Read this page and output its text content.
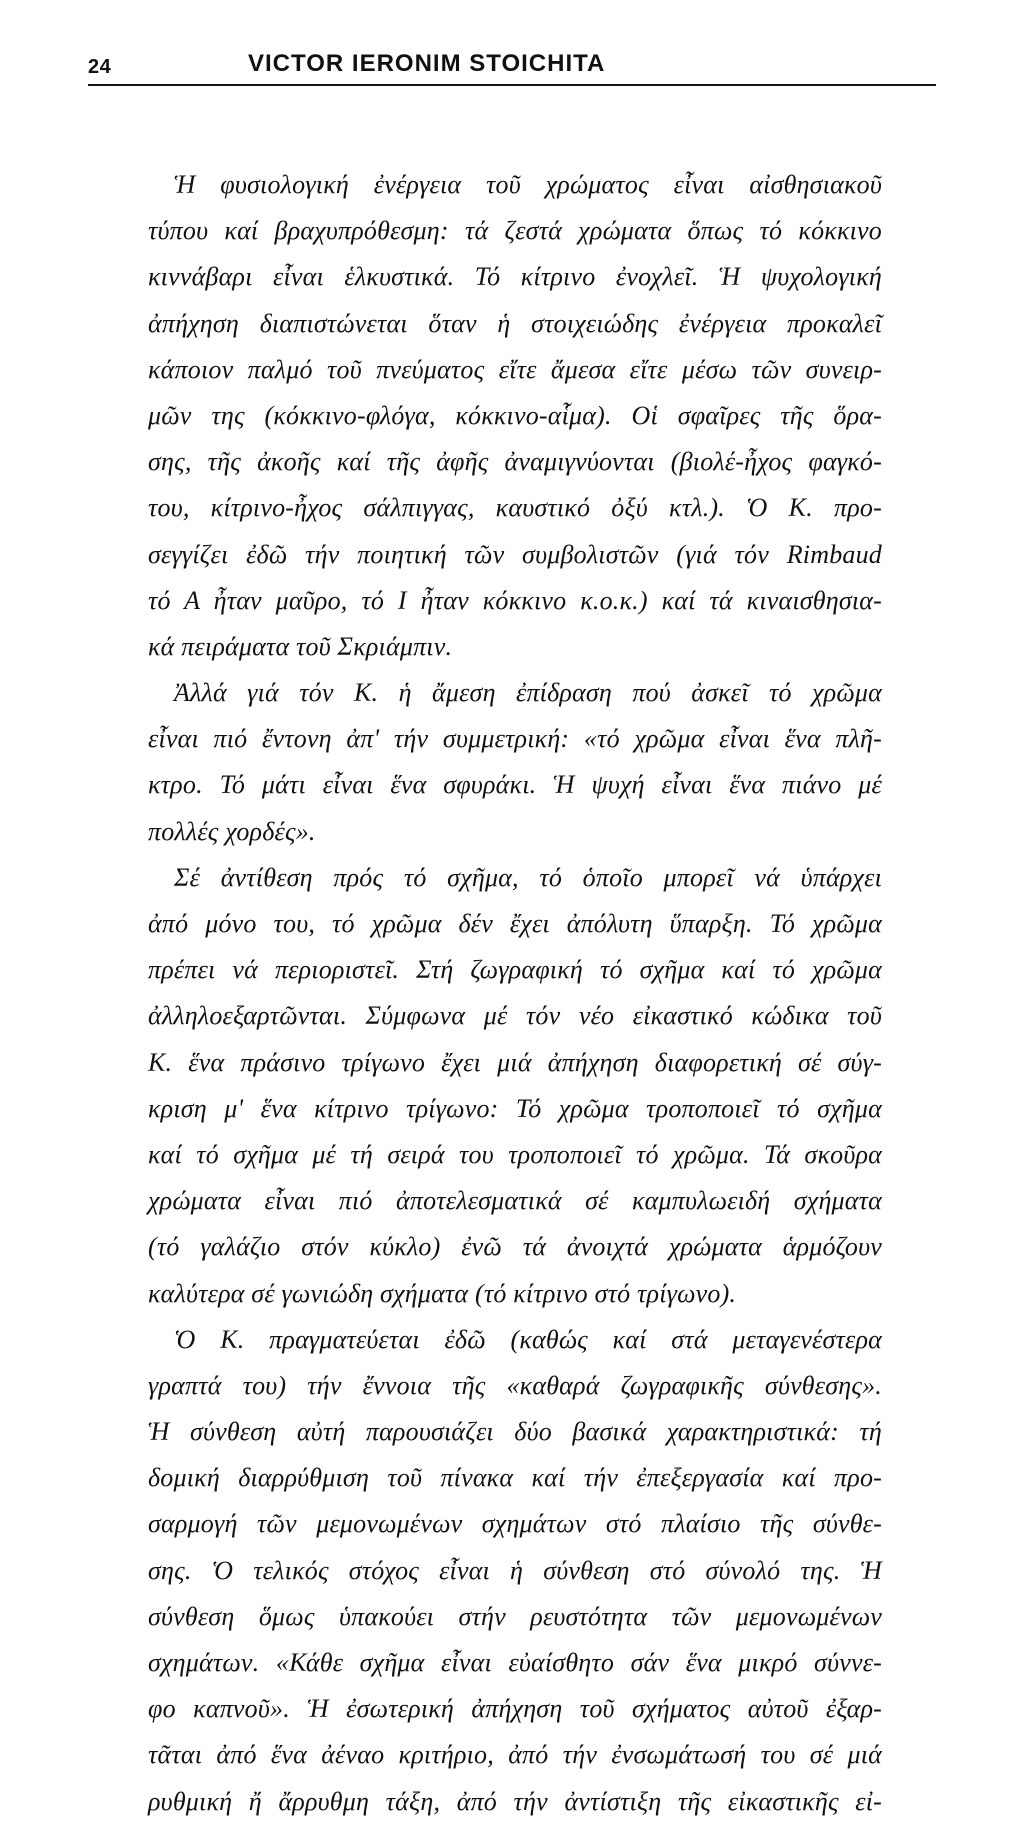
24	VICTOR IERONIM STOICHITA
Ἡ φυσιολογική ἐνέργεια τοῦ χρώματος εἶναι αἰσθησιακοῦ
τύπου καί βραχυπρόθεσμη: τά ζεστά χρώματα ὅπως τό κόκκινο
κιννάβαρι εἶναι ἑλκυστικά. Τό κίτρινο ἐνοχλεῖ. Ἡ ψυχολογική
ἀπήχηση διαπιστώνεται ὅταν ἡ στοιχειώδης ἐνέργεια προκαλεῖ
κάποιον παλμό τοῦ πνεύματος εἴτε ἄμεσα εἴτε μέσω τῶν συνειρ-
μῶν της (κόκκινο-φλόγα, κόκκινο-αἷμα). Οἱ σφαῖρες τῆς ὅρα-
σης, τῆς ἀκοῆς καί τῆς ἀφῆς ἀναμιγνύονται (βιολέ-ἦχος φαγκό-
του, κίτρινο-ἦχος σάλπιγγας, καυστικό ὀξύ κτλ.). Ὁ Κ. προ-
σεγγίζει ἐδῶ τήν ποιητική τῶν συμβολιστῶν (γιά τόν Rimbaud
τό Α ἦταν μαῦρο, τό Ι ἦταν κόκκινο κ.ο.κ.) καί τά κιναισθησια-
κά πειράματα τοῦ Σκριάμπιν.
Ἀλλά γιά τόν Κ. ἡ ἄμεση ἐπίδραση πού ἀσκεῖ τό χρῶμα
εἶναι πιό ἔντονη ἀπ' τήν συμμετρική: «τό χρῶμα εἶναι ἕνα πλῆ-
κτρο. Τό μάτι εἶναι ἕνα σφυράκι. Ἡ ψυχή εἶναι ἕνα πιάνο μέ
πολλές χορδές».
Σέ ἀντίθεση πρός τό σχῆμα, τό ὁποῖο μπορεῖ νά ὑπάρχει
ἀπό μόνο του, τό χρῶμα δέν ἔχει ἀπόλυτη ὕπαρξη. Τό χρῶμα
πρέπει νά περιοριστεῖ. Στή ζωγραφική τό σχῆμα καί τό χρῶμα
ἀλληλοεξαρτῶνται. Σύμφωνα μέ τόν νέο εἰκαστικό κώδικα τοῦ
Κ. ἕνα πράσινο τρίγωνο ἔχει μιά ἀπήχηση διαφορετική σέ σύγ-
κριση μ' ἕνα κίτρινο τρίγωνο: Τό χρῶμα τροποποιεῖ τό σχῆμα
καί τό σχῆμα μέ τή σειρά του τροποποιεῖ τό χρῶμα. Τά σκοῦρα
χρώματα εἶναι πιό ἀποτελεσματικά σέ καμπυλωειδή σχήματα
(τό γαλάζιο στόν κύκλο) ἐνῶ τά ἀνοιχτά χρώματα ἁρμόζουν
καλύτερα σέ γωνιώδη σχήματα (τό κίτρινο στό τρίγωνο).
Ὁ Κ. πραγματεύεται ἐδῶ (καθώς καί στά μεταγενέστερα
γραπτά του) τήν ἔννοια τῆς «καθαρά ζωγραφικῆς σύνθεσης».
Ἡ σύνθεση αὐτή παρουσιάζει δύο βασικά χαρακτηριστικά: τή
δομική διαρρύθμιση τοῦ πίνακα καί τήν ἐπεξεργασία καί προ-
σαρμογή τῶν μεμονωμένων σχημάτων στό πλαίσιο τῆς σύνθε-
σης. Ὁ τελικός στόχος εἶναι ἡ σύνθεση στό σύνολό της. Ἡ
σύνθεση ὅμως ὑπακούει στήν ρευστότητα τῶν μεμονωμένων
σχημάτων. «Κάθε σχῆμα εἶναι εὐαίσθητο σάν ἕνα μικρό σύννε-
φο καπνοῦ». Ἡ ἐσωτερική ἀπήχηση τοῦ σχήματος αὐτοῦ ἐξαρ-
τᾶται ἀπό ἕνα ἀέναο κριτήριο, ἀπό τήν ἐνσωμάτωσή του σέ μιά
ρυθμική ἤ ἄρρυθμη τάξη, ἀπό τήν ἀντίστιξη τῆς εἰκαστικῆς εἰ-
